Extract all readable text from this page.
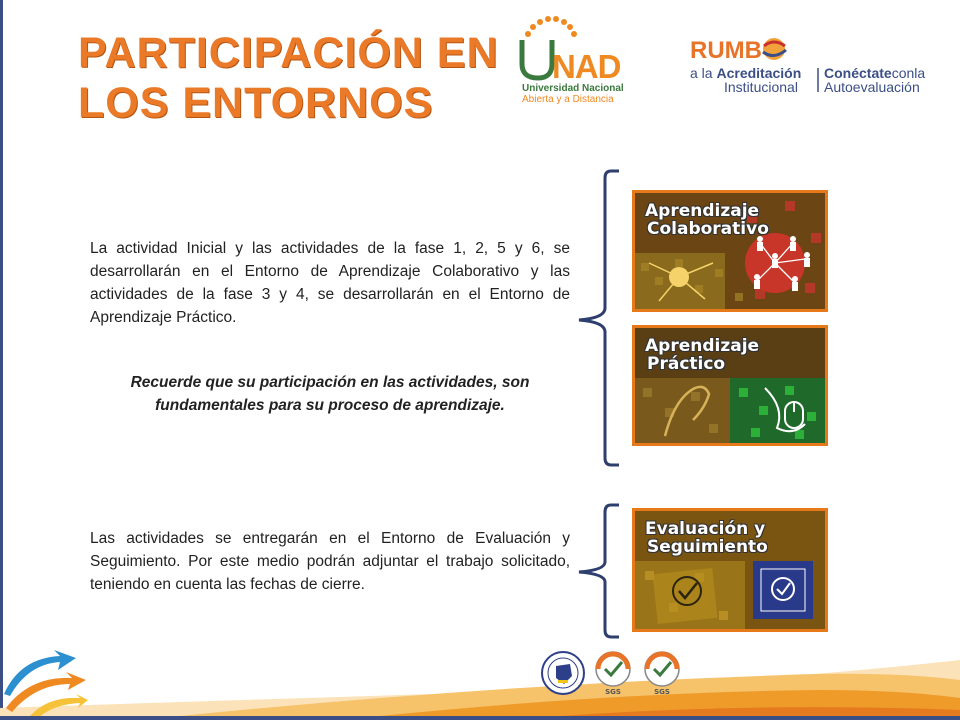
PARTICIPACIÓN EN
LOS ENTORNOS
NAD
Universidad Nacional
Abierta y a Distancia
RUMB
a la Acreditación
Institucional
Conéctateconla
Autoevaluación

La actividad Inicial y las actividades de la fase 1, 2, 5 y 6, se desarrollarán en el Entorno de Aprendizaje Colaborativo y las actividades de la fase 3 y 4, se desarrollarán en el Entorno de Aprendizaje Práctico.

Recuerde que su participación en las actividades, son fundamentales para su proceso de aprendizaje.

Las actividades se entregarán en el Entorno de Evaluación y Seguimiento. Por este medio podrán adjuntar el trabajo solicitado, teniendo en cuenta las fechas de cierre.

Aprendizaje
Colaborativo
Aprendizaje
Práctico
Evaluación y
Seguimiento
SGS	SGS
